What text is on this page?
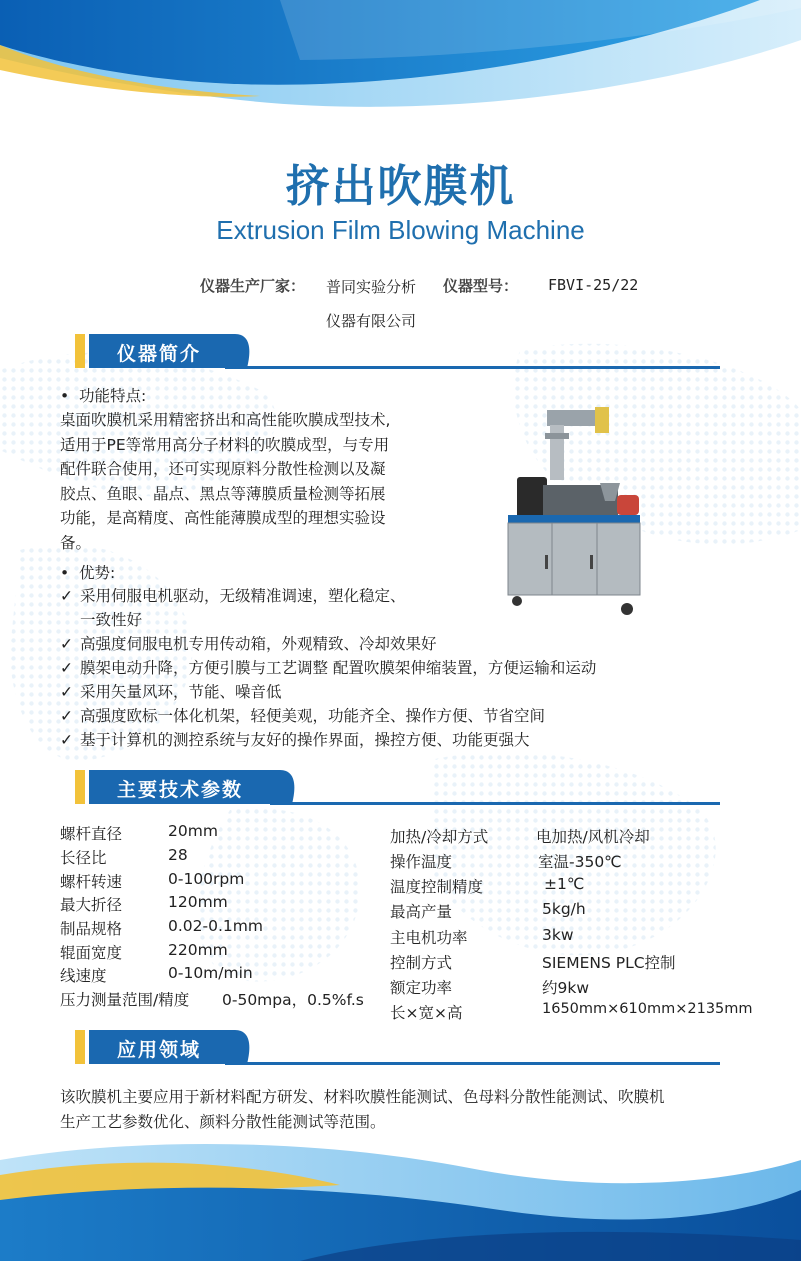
挤出吹膜机
Extrusion Film Blowing Machine
仪器生产厂家： 普同实验分析
仪器有限公司
仪器型号： FBVI-25/22
仪器简介
•  功能特点:
桌面吹膜机采用精密挤出和高性能吹膜成型技术,
适用于PE等常用高分子材料的吹膜成型，与专用
配件联合使用，还可实现原料分散性检测以及凝
胶点、鱼眼、晶点、黑点等薄膜质量检测等拓展
功能，是高精度、高性能薄膜成型的理想实验设
备。
•  优势:
✓ 采用伺服电机驱动，无级精准调速，塑化稳定、
一致性好
✓ 高强度伺服电机专用传动箱，外观精致、冷却效果好
✓ 膜架电动升降，方便引膜与工艺调整 配置吹膜架伸缩装置，方便运输和运动
✓ 采用矢量风环，节能、噪音低
✓ 高强度欧标一体化机架，轻便美观，功能齐全、操作方便、节省空间
✓ 基于计算机的测控系统与友好的操作界面，操控方便、功能更强大
主要技术参数
螺杆直径	20mm
长径比	28
螺杆转速	0-100rpm
最大折径	120mm
制品规格	0.02-0.1mm
辊面宽度	220mm
线速度	0-10m/min
压力测量范围/精度 0-50mpa，0.5%f.s
加热/冷却方式	电加热/风机冷却
操作温度	室温-350℃
温度控制精度	±1℃
最高产量	5kg/h
主电机功率	3kw
控制方式	SIEMENS PLC控制
额定功率	约9kw
长×宽×高	1650mm×610mm×2135mm
应用领域
该吹膜机主要应用于新材料配方研发、材料吹膜性能测试、色母料分散性能测试、吹膜机
生产工艺参数优化、颜料分散性能测试等范围。
